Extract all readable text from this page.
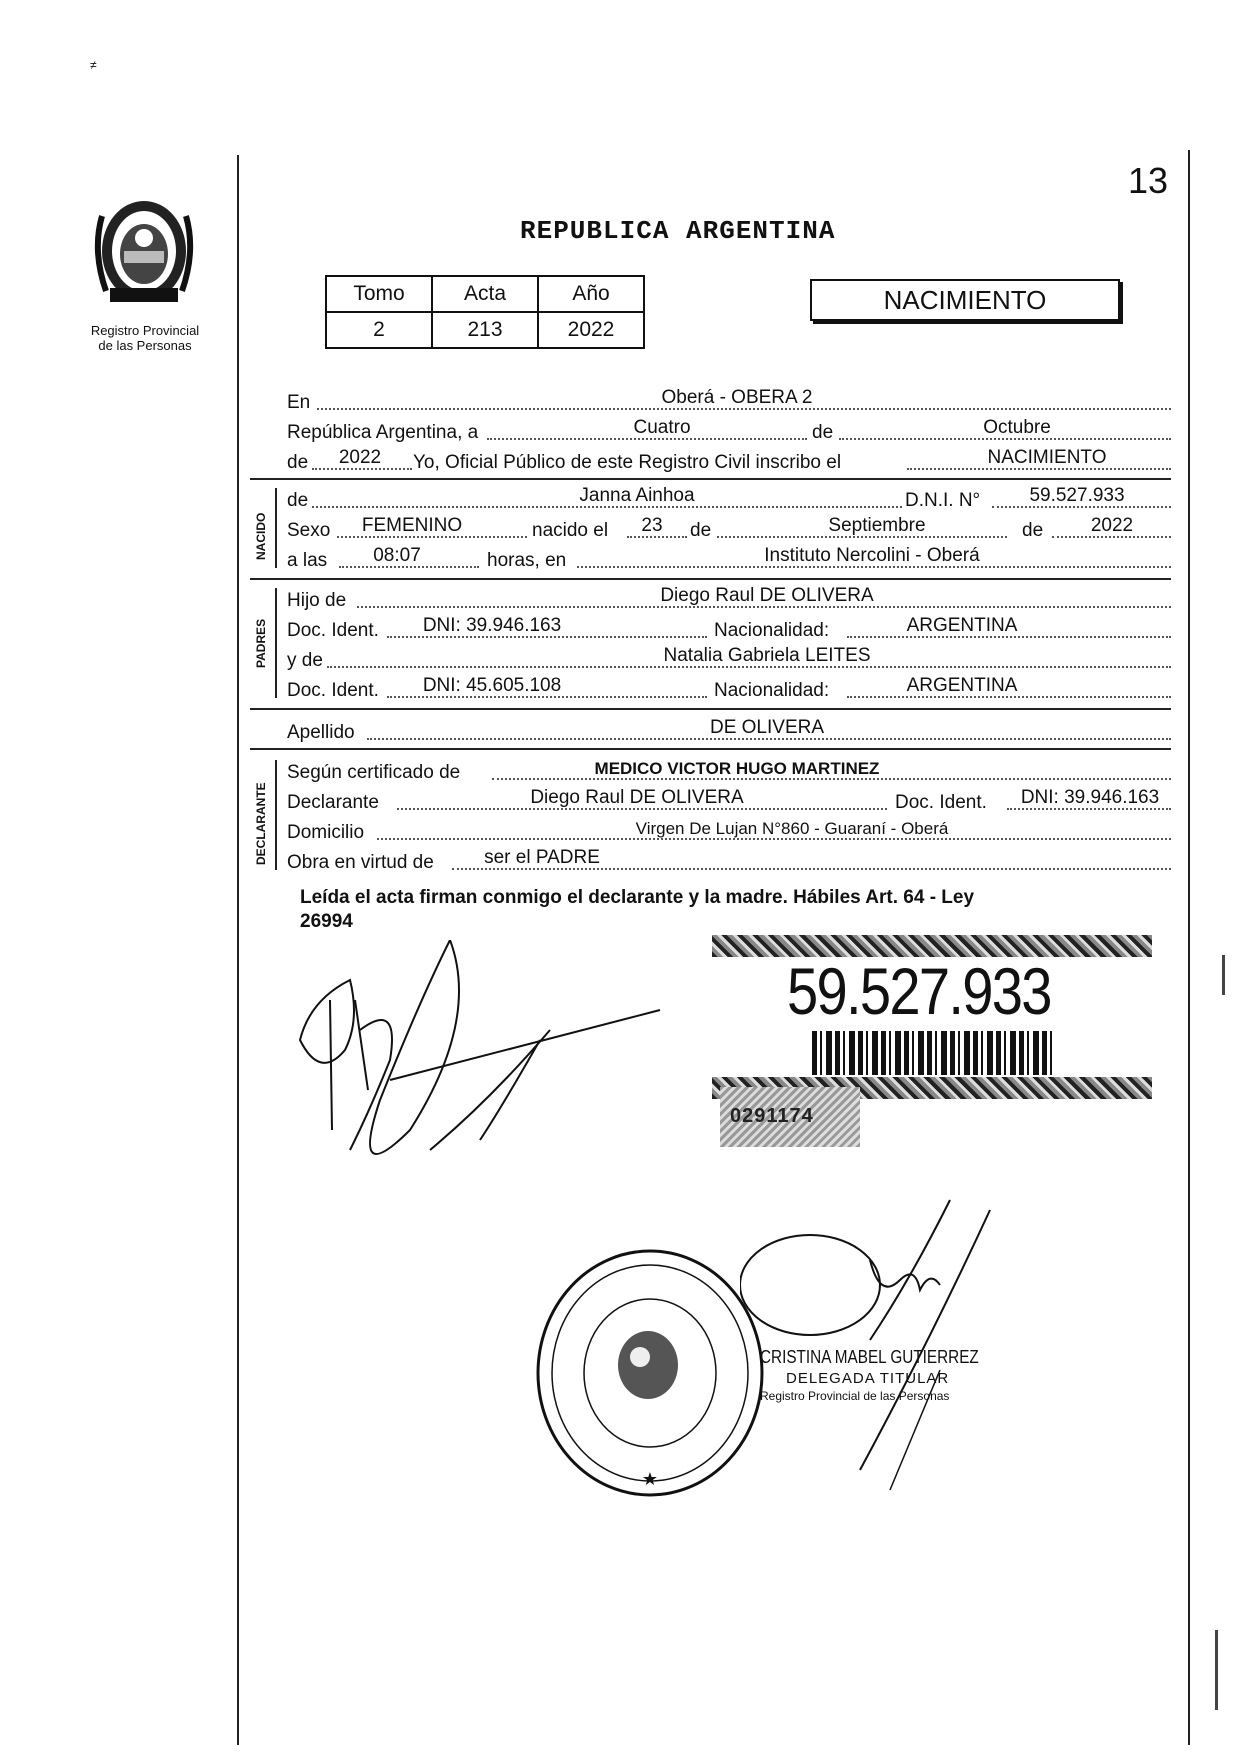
13
Registro Provincial
de las Personas
REPUBLICA ARGENTINA
Tomo	Acta	Año
2	213	2022
NACIMIENTO
En	Oberá - OBERA 2
República Argentina, a	Cuatro	de	Octubre
de	2022	Yo, Oficial Público de este Registro Civil inscribo el	NACIMIENTO
NACIDO
de	Janna Ainhoa	D.N.I. N°	59.527.933
Sexo	FEMENINO	nacido el	23	de	Septiembre	de	2022
a las	08:07	horas, en	Instituto Nercolini - Oberá
PADRES
Hijo de	Diego Raul DE OLIVERA
Doc. Ident.	DNI: 39.946.163	Nacionalidad:	ARGENTINA
y de	Natalia Gabriela LEITES
Doc. Ident.	DNI: 45.605.108	Nacionalidad:	ARGENTINA
Apellido	DE OLIVERA
DECLARANTE
Según certificado de	MEDICO VICTOR HUGO MARTINEZ
Declarante	Diego Raul DE OLIVERA	Doc. Ident.	DNI: 39.946.163
Domicilio	Virgen De Lujan N°860 - Guaraní - Oberá
Obra en virtud de	ser el PADRE
Leída el acta firman conmigo el declarante y la madre. Hábiles Art. 64 - Ley
26994
59.527.933
0291174
★
CRISTINA MABEL GUTIERREZ
DELEGADA TITULAR
Registro Provincial de las Personas
≠
